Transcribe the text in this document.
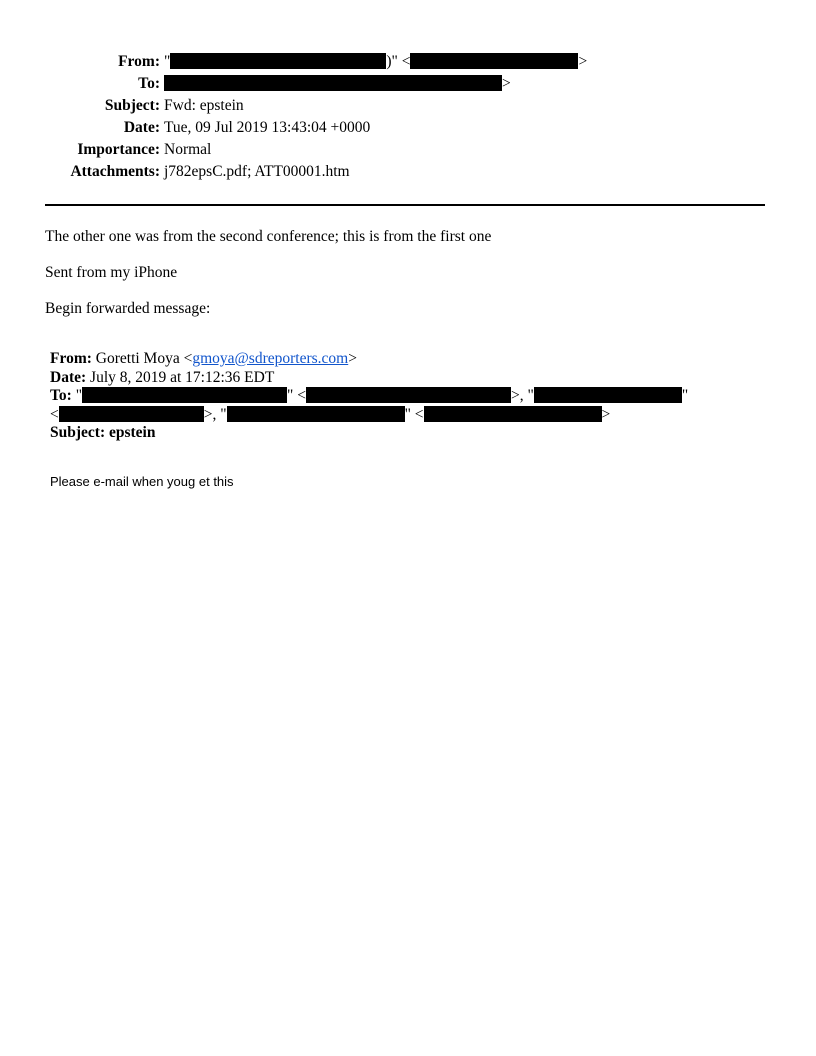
From: "	)" <	>
To:	>
Subject: Fwd: epstein
Date: Tue, 09 Jul 2019 13:43:04 +0000
Importance: Normal
Attachments: j782epsC.pdf; ATT00001.htm
The other one was from the second conference; this is from the first one
Sent from my iPhone
Begin forwarded message:
From: Goretti Moya <gmoya@sdreporters.com>
Date: July 8, 2019 at 17:12:36 EDT
To: "	" <	>, "	"
<	>, "	" <	>
Subject: epstein
Please e-mail when youg et this
